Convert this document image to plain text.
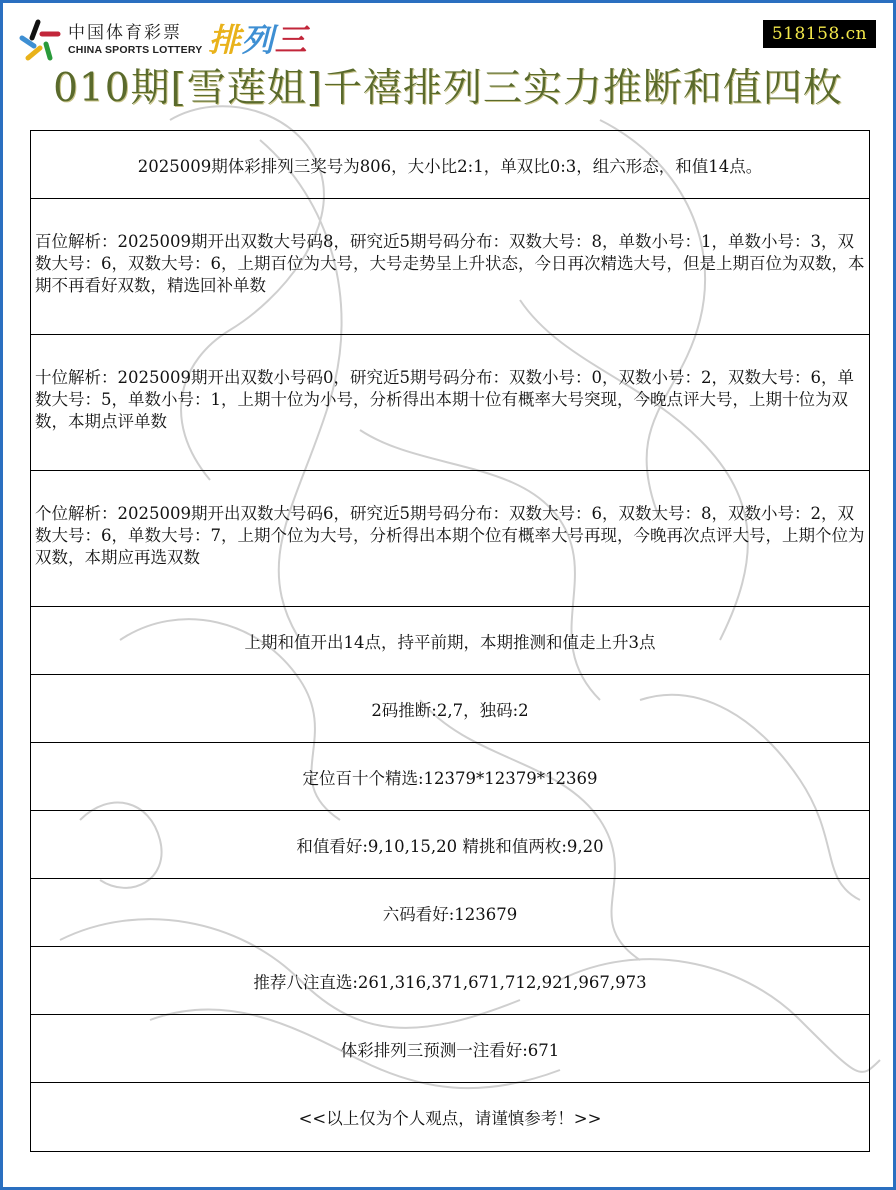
中国体育彩票
CHINA SPORTS LOTTERY 排列三	518158.cn
010期[雪莲姐]千禧排列三实力推断和值四枚
2025009期体彩排列三奖号为806，大小比2:1，单双比0:3，组六形态，和值14点。
百位解析：2025009期开出双数大号码8，研究近5期号码分布：双数大号：8，单数小号：1，单数小号：3，双数大号：6，双数大号：6，上期百位为大号，大号走势呈上升状态，今日再次精选大号，但是上期百位为双数，本期不再看好双数，精选回补单数
十位解析：2025009期开出双数小号码0，研究近5期号码分布：双数小号：0，双数小号：2，双数大号：6，单数大号：5，单数小号：1，上期十位为小号，分析得出本期十位有概率大号突现，今晚点评大号，上期十位为双数，本期点评单数
个位解析：2025009期开出双数大号码6，研究近5期号码分布：双数大号：6，双数大号：8，双数小号：2，双数大号：6，单数大号：7，上期个位为大号，分析得出本期个位有概率大号再现，今晚再次点评大号，上期个位为双数，本期应再选双数
上期和值开出14点，持平前期，本期推测和值走上升3点
2码推断:2,7，独码:2
定位百十个精选:12379*12379*12369
和值看好:9,10,15,20 精挑和值两枚:9,20
六码看好:123679
推荐八注直选:261,316,371,671,712,921,967,973
体彩排列三预测一注看好:671
<<以上仅为个人观点，请谨慎参考！>>
